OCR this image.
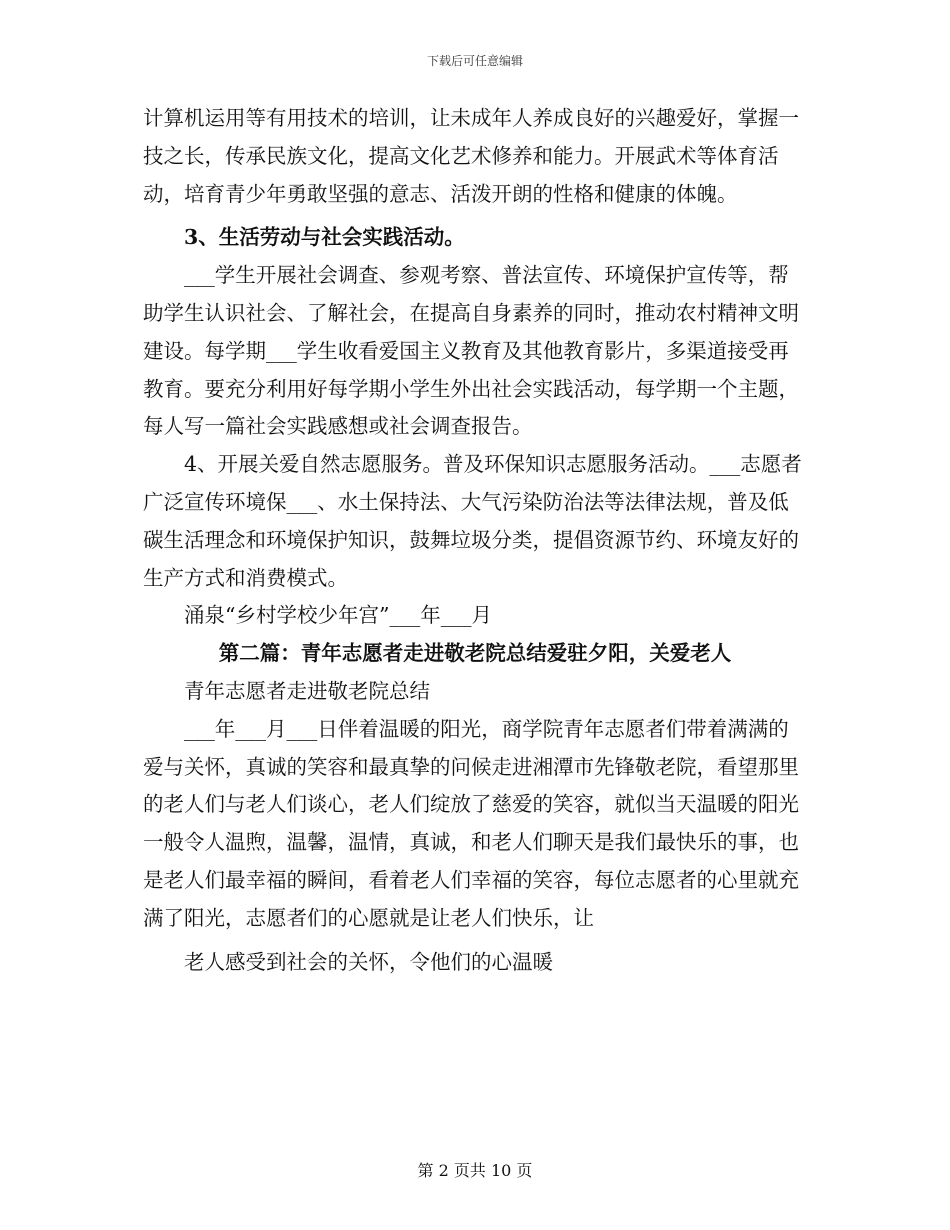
下载后可任意编辑

计算机运用等有用技术的培训，让未成年人养成良好的兴趣爱好，掌握一技之长，传承民族文化，提高文化艺术修养和能力。开展武术等体育活动，培育青少年勇敢坚强的意志、活泼开朗的性格和健康的体魄。

3、生活劳动与社会实践活动。

___学生开展社会调查、参观考察、普法宣传、环境保护宣传等，帮助学生认识社会、了解社会，在提高自身素养的同时，推动农村精神文明建设。每学期___学生收看爱国主义教育及其他教育影片，多渠道接受再教育。要充分利用好每学期小学生外出社会实践活动，每学期一个主题，每人写一篇社会实践感想或社会调查报告。

4、开展关爱自然志愿服务。普及环保知识志愿服务活动。___志愿者广泛宣传环境保___、水土保持法、大气污染防治法等法律法规，普及低碳生活理念和环境保护知识，鼓舞垃圾分类，提倡资源节约、环境友好的生产方式和消费模式。

涌泉“乡村学校少年宫”___年___月

第二篇：青年志愿者走进敬老院总结爱驻夕阳，关爱老人

青年志愿者走进敬老院总结

___年___月___日伴着温暖的阳光，商学院青年志愿者们带着满满的爱与关怀，真诚的笑容和最真挚的问候走进湘潭市先锋敬老院，看望那里的老人们与老人们谈心，老人们绽放了慈爱的笑容，就似当天温暖的阳光一般令人温煦，温馨，温情，真诚，和老人们聊天是我们最快乐的事，也是老人们最幸福的瞬间，看着老人们幸福的笑容，每位志愿者的心里就充满了阳光，志愿者们的心愿就是让老人们快乐，让

老人感受到社会的关怀，令他们的心温暖

第 2 页共 10 页
